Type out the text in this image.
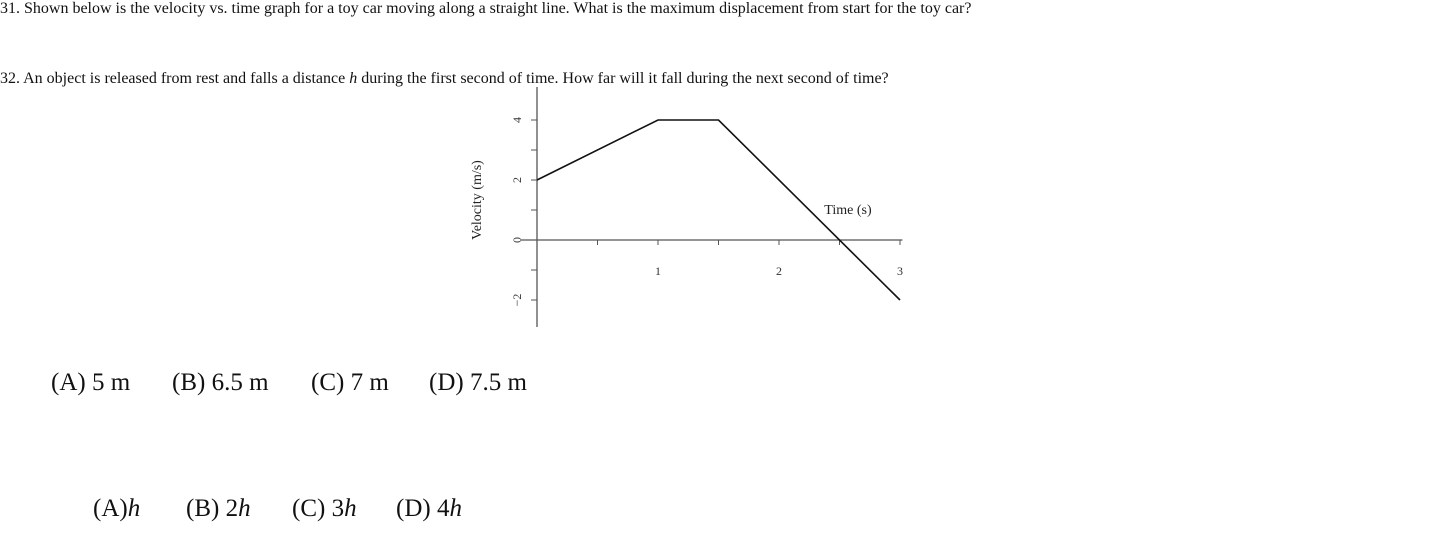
31. Shown below is the velocity vs. time graph for a toy car moving along a straight line. What is the maximum displacement from start for the toy car?
4
2
0
−2
1	2	3
Time (s)
Velocity (m/s)
(A) 5 m (B) 6.5 m (C) 7 m (D) 7.5 m
32. An object is released from rest and falls a distance h during the first second of time. How far will it fall during the next second of time?
(A)h (B) 2h (C) 3h (D) 4h
